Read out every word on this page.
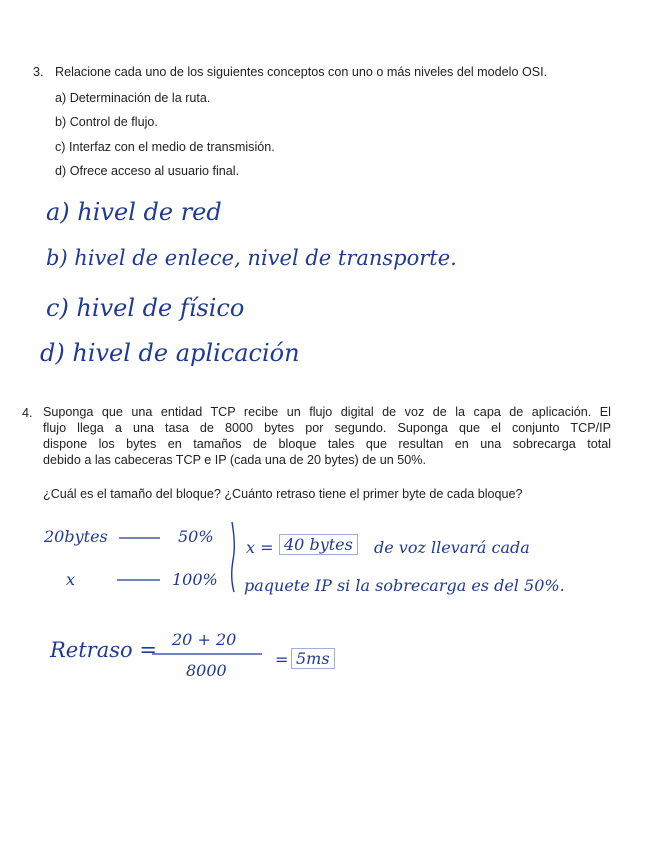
3. Relacione cada uno de los siguientes conceptos con uno o más niveles del modelo OSI.
a) Determinación de la ruta.
b) Control de flujo.
c) Interfaz con el medio de transmisión.
d) Ofrece acceso al usuario final.
a) hivel de red
b) hivel de enlece, nivel de transporte.
c) hivel de físico
d) hivel de aplicación
4. Suponga que una entidad TCP recibe un flujo digital de voz de la capa de aplicación. El
flujo llega a una tasa de 8000 bytes por segundo. Suponga que el conjunto TCP/IP
dispone los bytes en tamaños de bloque tales que resultan en una sobrecarga total
debido a las cabeceras TCP e IP (cada una de 20 bytes) de un 50%.
¿Cuál es el tamaño del bloque? ¿Cuánto retraso tiene el primer byte de cada bloque?
20bytes	50%
x	100%
x = 40 bytes	de voz llevará cada
paquete IP si la sobrecarga es del 50%.
Retraso = 20 + 20
8000
= 5ms
